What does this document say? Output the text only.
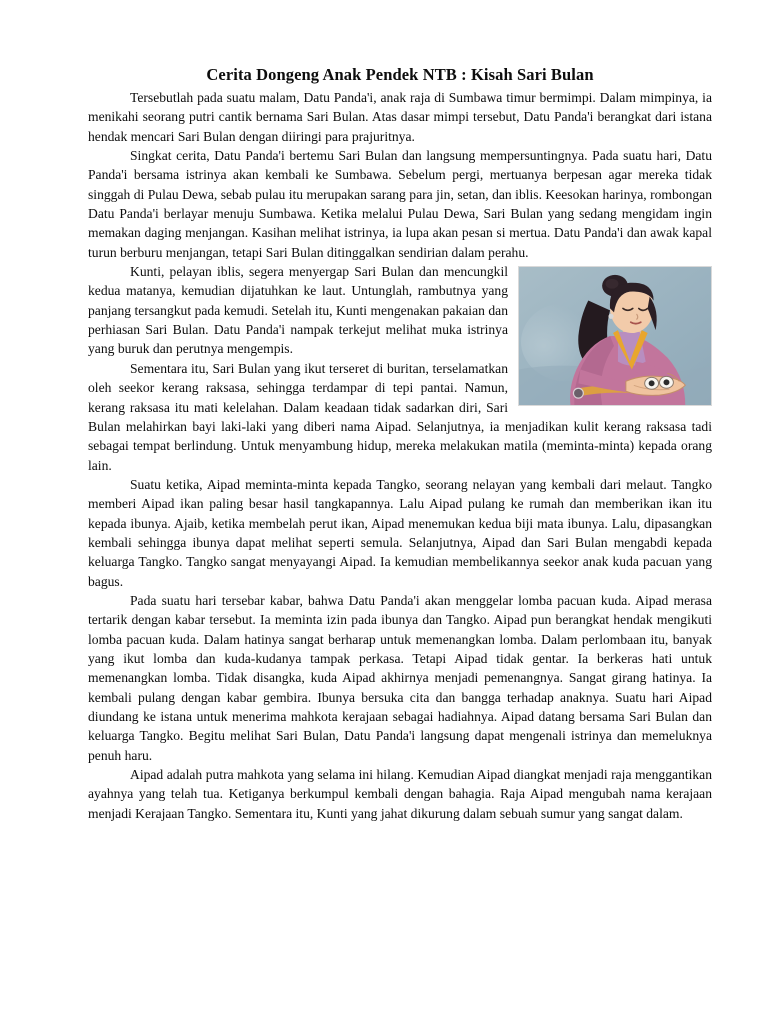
Cerita Dongeng Anak Pendek NTB : Kisah Sari Bulan

Tersebutlah pada suatu malam, Datu Panda'i, anak raja di Sumbawa timur bermimpi. Dalam mimpinya, ia menikahi seorang putri cantik bernama Sari Bulan. Atas dasar mimpi tersebut, Datu Panda'i berangkat dari istana hendak mencari Sari Bulan dengan diiringi para prajuritnya.

Singkat cerita, Datu Panda'i bertemu Sari Bulan dan langsung mempersuntingnya. Pada suatu hari, Datu Panda'i bersama istrinya akan kembali ke Sumbawa. Sebelum pergi, mertuanya berpesan agar mereka tidak singgah di Pulau Dewa, sebab pulau itu merupakan sarang para jin, setan, dan iblis. Keesokan harinya, rombongan Datu Panda'i berlayar menuju Sumbawa. Ketika melalui Pulau Dewa, Sari Bulan yang sedang mengidam ingin memakan daging menjangan. Kasihan melihat istrinya, ia lupa akan pesan si mertua. Datu Panda'i dan awak kapal turun berburu menjangan, tetapi Sari Bulan ditinggalkan sendirian dalam perahu.

Kunti, pelayan iblis, segera menyergap Sari Bulan dan mencungkil kedua matanya, kemudian dijatuhkan ke laut. Untunglah, rambutnya yang panjang tersangkut pada kemudi. Setelah itu, Kunti mengenakan pakaian dan perhiasan Sari Bulan. Datu Panda'i nampak terkejut melihat muka istrinya yang buruk dan perutnya mengempis.

Sementara itu, Sari Bulan yang ikut terseret di buritan, terselamatkan oleh seekor kerang raksasa, sehingga terdampar di tepi pantai. Namun, kerang raksasa itu mati kelelahan. Dalam keadaan tidak sadarkan diri, Sari Bulan melahirkan bayi laki-laki yang diberi nama Aipad. Selanjutnya, ia menjadikan kulit kerang raksasa tadi sebagai tempat berlindung. Untuk menyambung hidup, mereka melakukan matila (meminta-minta) kepada orang lain.

Suatu ketika, Aipad meminta-minta kepada Tangko, seorang nelayan yang kembali dari melaut. Tangko memberi Aipad ikan paling besar hasil tangkapannya. Lalu Aipad pulang ke rumah dan memberikan ikan itu kepada ibunya. Ajaib, ketika membelah perut ikan, Aipad menemukan kedua biji mata ibunya. Lalu, dipasangkan kembali sehingga ibunya dapat melihat seperti semula. Selanjutnya, Aipad dan Sari Bulan mengabdi kepada keluarga Tangko. Tangko sangat menyayangi Aipad. Ia kemudian membelikannya seekor anak kuda pacuan yang bagus.

Pada suatu hari tersebar kabar, bahwa Datu Panda'i akan menggelar lomba pacuan kuda. Aipad merasa tertarik dengan kabar tersebut. Ia meminta izin pada ibunya dan Tangko. Aipad pun berangkat hendak mengikuti lomba pacuan kuda. Dalam hatinya sangat berharap untuk memenangkan lomba. Dalam perlombaan itu, banyak yang ikut lomba dan kuda-kudanya tampak perkasa. Tetapi Aipad tidak gentar. Ia berkeras hati untuk memenangkan lomba. Tidak disangka, kuda Aipad akhirnya menjadi pemenangnya. Sangat girang hatinya. Ia kembali pulang dengan kabar gembira. Ibunya bersuka cita dan bangga terhadap anaknya. Suatu hari Aipad diundang ke istana untuk menerima mahkota kerajaan sebagai hadiahnya. Aipad datang bersama Sari Bulan dan keluarga Tangko. Begitu melihat Sari Bulan, Datu Panda'i langsung dapat mengenali istrinya dan memeluknya penuh haru.

Aipad adalah putra mahkota yang selama ini hilang. Kemudian Aipad diangkat menjadi raja menggantikan ayahnya yang telah tua. Ketiganya berkumpul kembali dengan bahagia. Raja Aipad mengubah nama kerajaan menjadi Kerajaan Tangko. Sementara itu, Kunti yang jahat dikurung dalam sebuah sumur yang sangat dalam.
